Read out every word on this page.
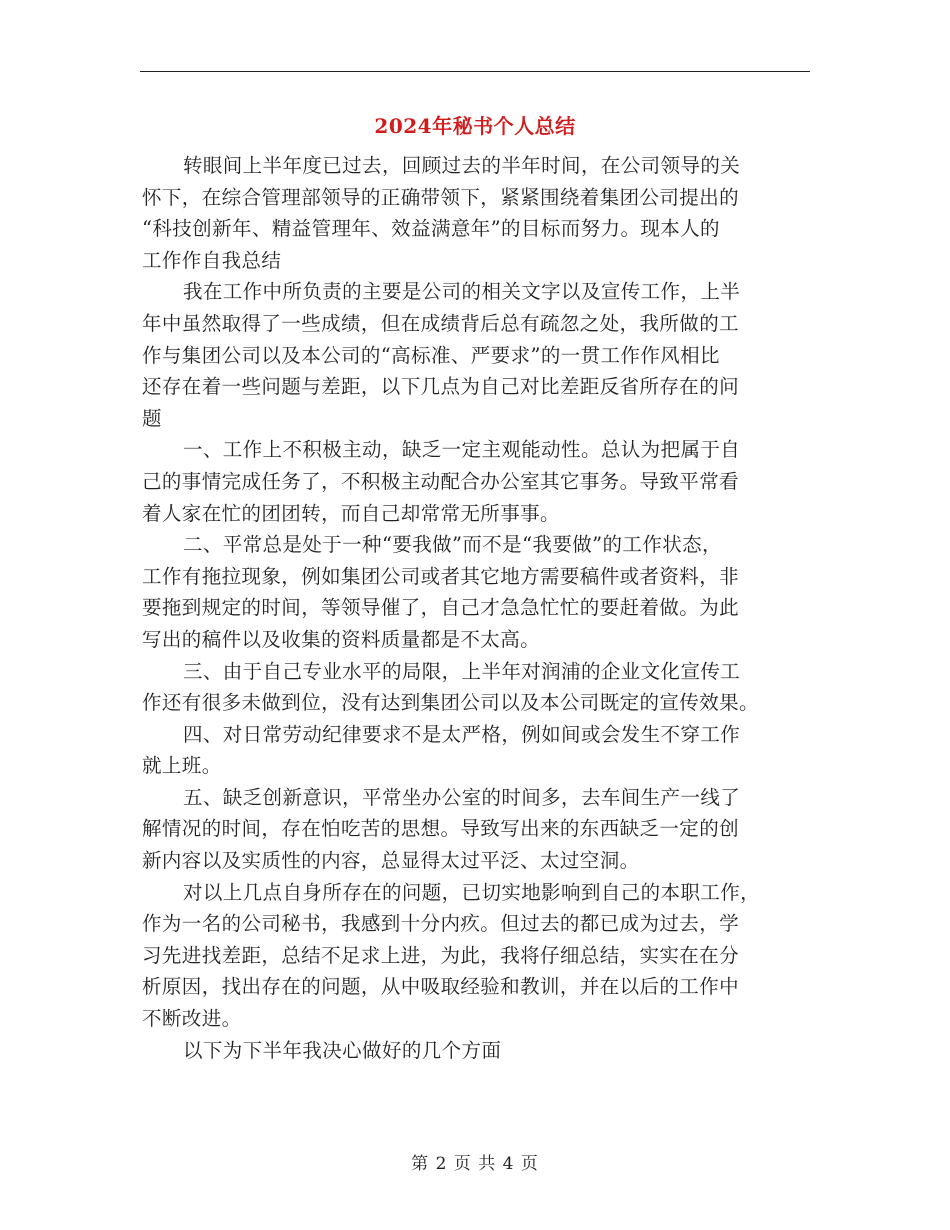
2024年秘书个人总结

转眼间上半年度已过去，回顾过去的半年时间，在公司领导的关
怀下，在综合管理部领导的正确带领下，紧紧围绕着集团公司提出的
“科技创新年、精益管理年、效益满意年”的目标而努力。现本人的
工作作自我总结

我在工作中所负责的主要是公司的相关文字以及宣传工作，上半
年中虽然取得了一些成绩，但在成绩背后总有疏忽之处，我所做的工
作与集团公司以及本公司的“高标准、严要求”的一贯工作作风相比
还存在着一些问题与差距，以下几点为自己对比差距反省所存在的问
题

一、工作上不积极主动，缺乏一定主观能动性。总认为把属于自
己的事情完成任务了，不积极主动配合办公室其它事务。导致平常看
着人家在忙的团团转，而自己却常常无所事事。

二、平常总是处于一种“要我做”而不是“我要做”的工作状态，
工作有拖拉现象，例如集团公司或者其它地方需要稿件或者资料，非
要拖到规定的时间，等领导催了，自己才急急忙忙的要赶着做。为此
写出的稿件以及收集的资料质量都是不太高。

三、由于自己专业水平的局限，上半年对润浦的企业文化宣传工
作还有很多未做到位，没有达到集团公司以及本公司既定的宣传效果。

四、对日常劳动纪律要求不是太严格，例如间或会发生不穿工作
就上班。

五、缺乏创新意识，平常坐办公室的时间多，去车间生产一线了
解情况的时间，存在怕吃苦的思想。导致写出来的东西缺乏一定的创
新内容以及实质性的内容，总显得太过平泛、太过空洞。

对以上几点自身所存在的问题，已切实地影响到自己的本职工作，
作为一名的公司秘书，我感到十分内疚。但过去的都已成为过去，学
习先进找差距，总结不足求上进，为此，我将仔细总结，实实在在分
析原因，找出存在的问题，从中吸取经验和教训，并在以后的工作中
不断改进。

以下为下半年我决心做好的几个方面

第 2 页 共 4 页
